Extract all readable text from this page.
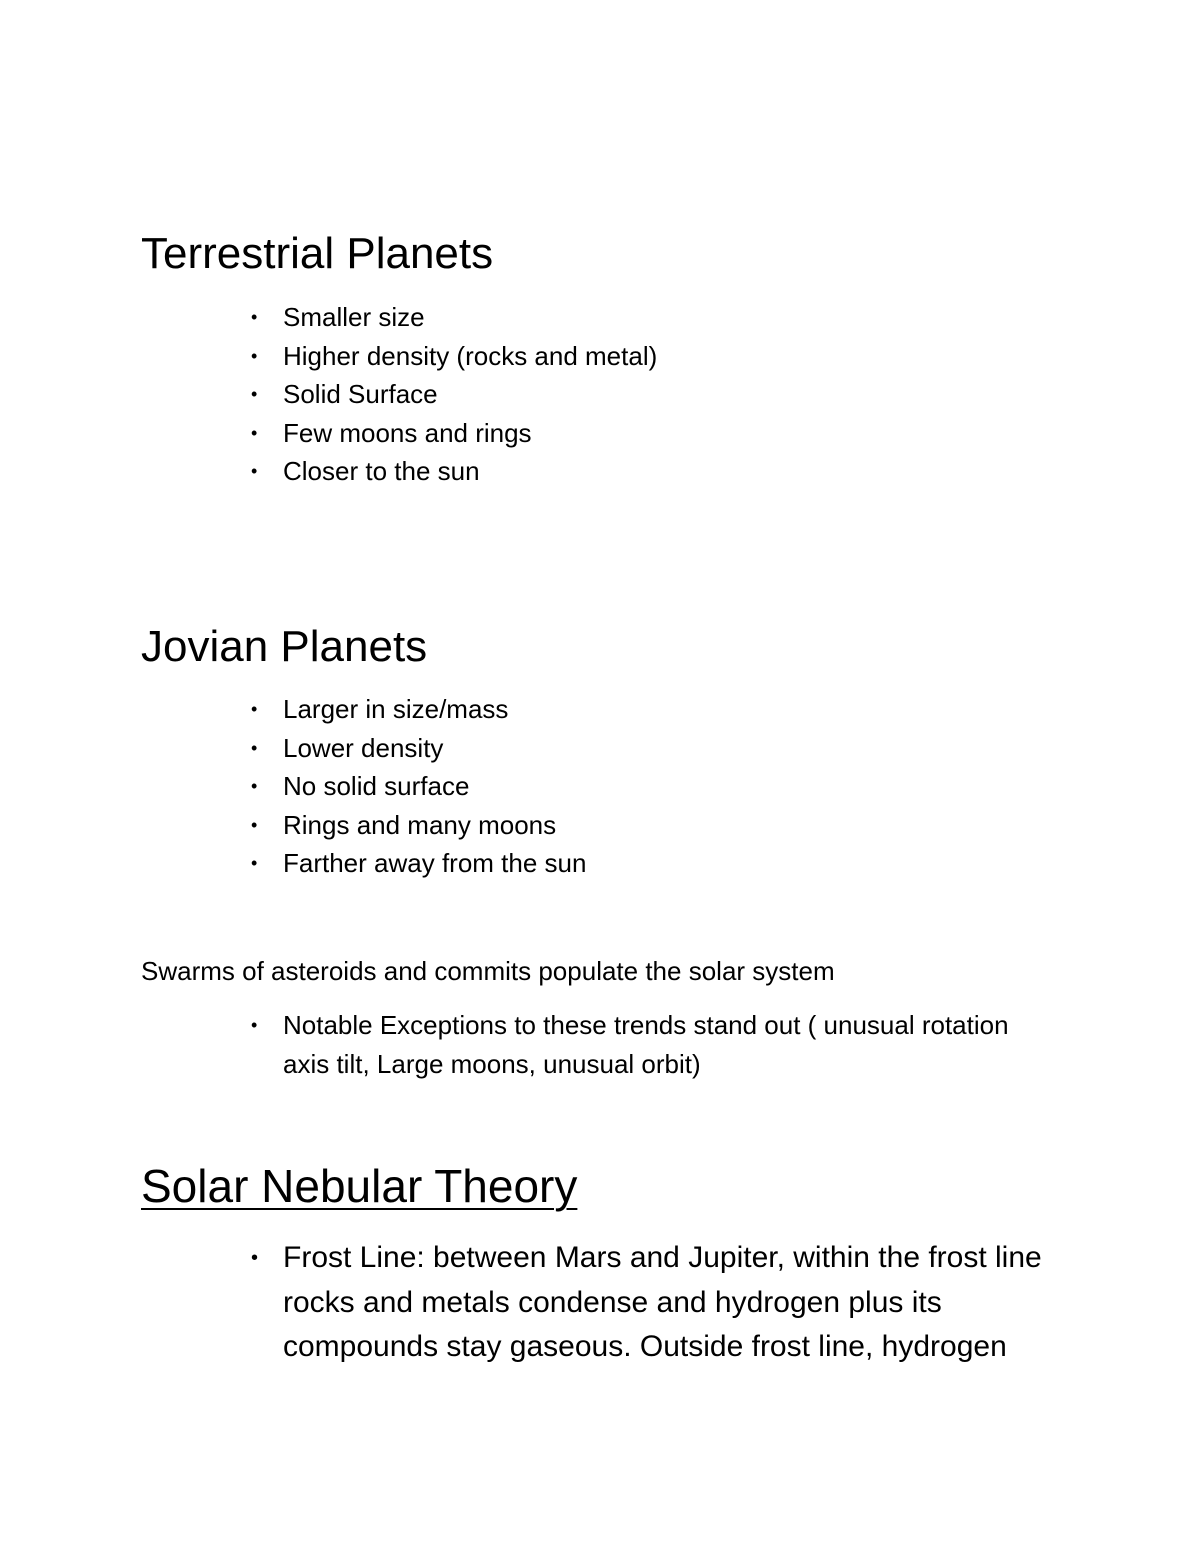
Terrestrial Planets
• Smaller size
• Higher density (rocks and metal)
• Solid Surface
• Few moons and rings
• Closer to the sun
Jovian Planets
• Larger in size/mass
• Lower density
• No solid surface
• Rings and many moons
• Farther away from the sun

Swarms of asteroids and commits populate the solar system

• Notable Exceptions to these trends stand out ( unusual rotation axis tilt, Large moons, unusual orbit)
Solar Nebular Theory
• Frost Line: between Mars and Jupiter, within the frost line rocks and metals condense and hydrogen plus its compounds stay gaseous. Outside frost line, hydrogen
